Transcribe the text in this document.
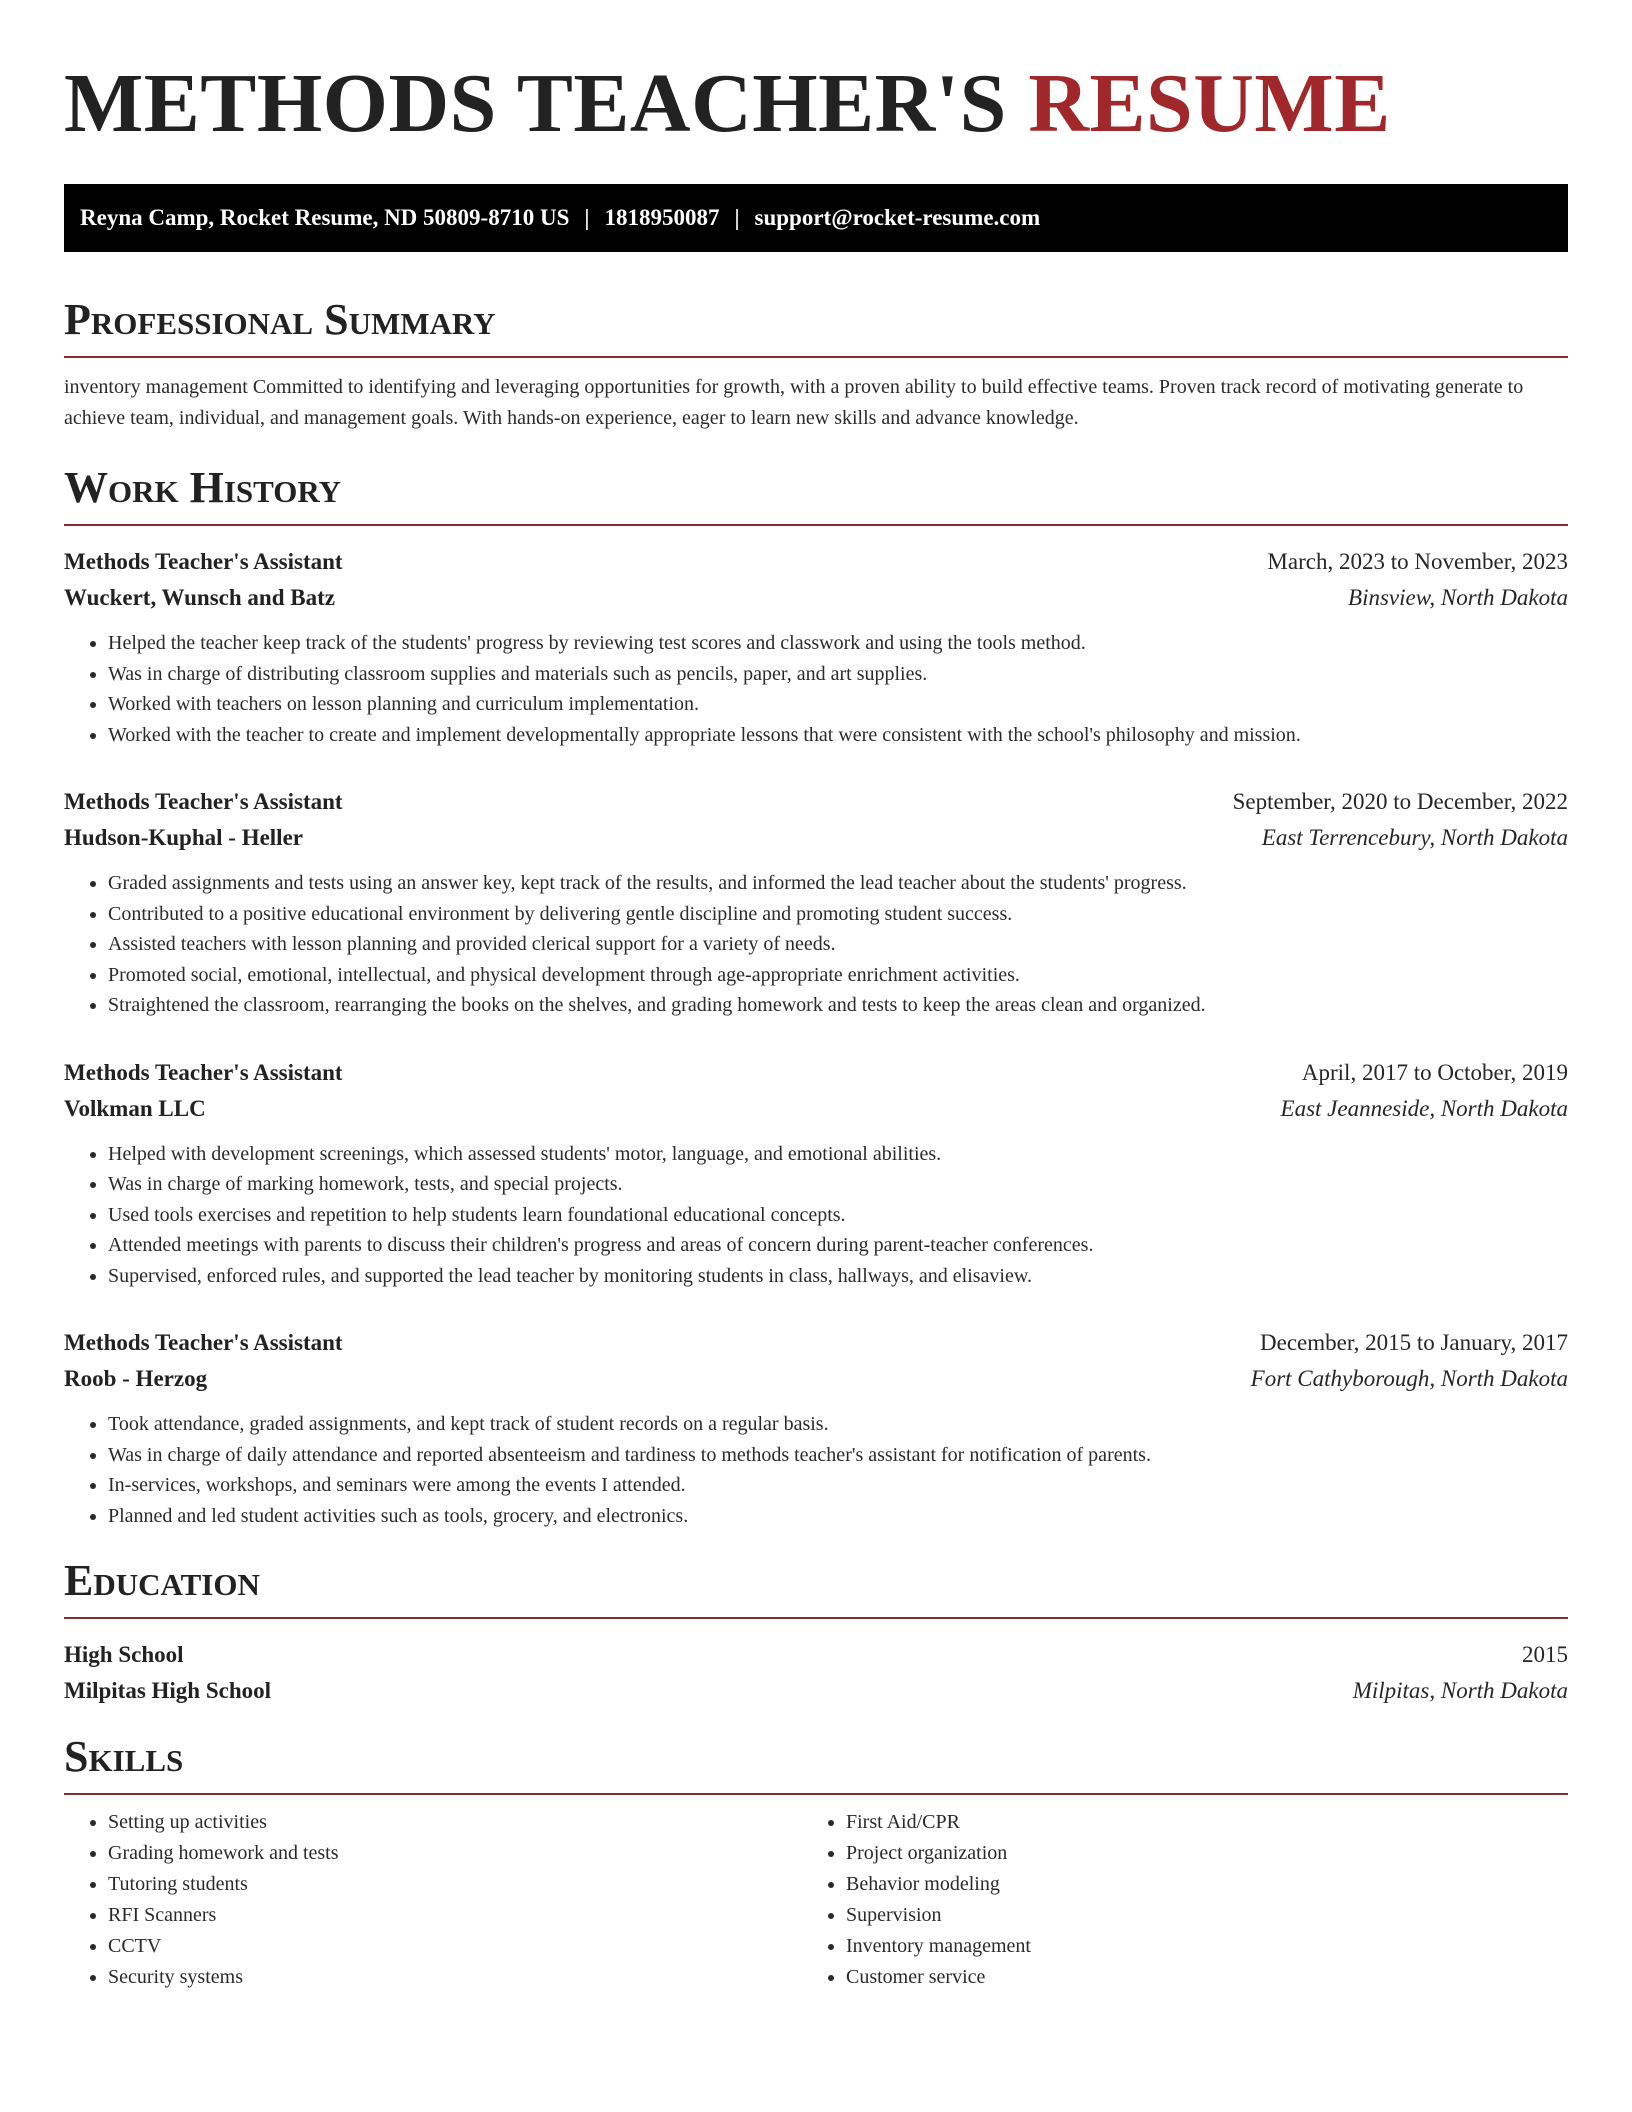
METHODS TEACHER'S RESUME
Reyna Camp, Rocket Resume, ND 50809-8710 US | 1818950087 | support@rocket-resume.com
Professional Summary

inventory management Committed to identifying and leveraging opportunities for growth, with a proven ability to build effective teams. Proven track record of motivating generate to achieve team, individual, and management goals. With hands-on experience, eager to learn new skills and advance knowledge.

Work History
Methods Teacher's Assistant	March, 2023 to November, 2023
Wuckert, Wunsch and Batz	Binsview, North Dakota
• Helped the teacher keep track of the students' progress by reviewing test scores and classwork and using the tools method.
• Was in charge of distributing classroom supplies and materials such as pencils, paper, and art supplies.
• Worked with teachers on lesson planning and curriculum implementation.
• Worked with the teacher to create and implement developmentally appropriate lessons that were consistent with the school's philosophy and mission.
Methods Teacher's Assistant	September, 2020 to December, 2022
Hudson-Kuphal - Heller	East Terrencebury, North Dakota
• Graded assignments and tests using an answer key, kept track of the results, and informed the lead teacher about the students' progress.
• Contributed to a positive educational environment by delivering gentle discipline and promoting student success.
• Assisted teachers with lesson planning and provided clerical support for a variety of needs.
• Promoted social, emotional, intellectual, and physical development through age-appropriate enrichment activities.
• Straightened the classroom, rearranging the books on the shelves, and grading homework and tests to keep the areas clean and organized.
Methods Teacher's Assistant	April, 2017 to October, 2019
Volkman LLC	East Jeanneside, North Dakota
• Helped with development screenings, which assessed students' motor, language, and emotional abilities.
• Was in charge of marking homework, tests, and special projects.
• Used tools exercises and repetition to help students learn foundational educational concepts.
• Attended meetings with parents to discuss their children's progress and areas of concern during parent-teacher conferences.
• Supervised, enforced rules, and supported the lead teacher by monitoring students in class, hallways, and elisaview.
Methods Teacher's Assistant	December, 2015 to January, 2017
Roob - Herzog	Fort Cathyborough, North Dakota
• Took attendance, graded assignments, and kept track of student records on a regular basis.
• Was in charge of daily attendance and reported absenteeism and tardiness to methods teacher's assistant for notification of parents.
• In-services, workshops, and seminars were among the events I attended.
• Planned and led student activities such as tools, grocery, and electronics.
Education
High School	2015
Milpitas High School	Milpitas, North Dakota
Skills
• Setting up activities
• Grading homework and tests
• Tutoring students
• RFI Scanners
• CCTV
• Security systems
• First Aid/CPR
• Project organization
• Behavior modeling
• Supervision
• Inventory management
• Customer service
